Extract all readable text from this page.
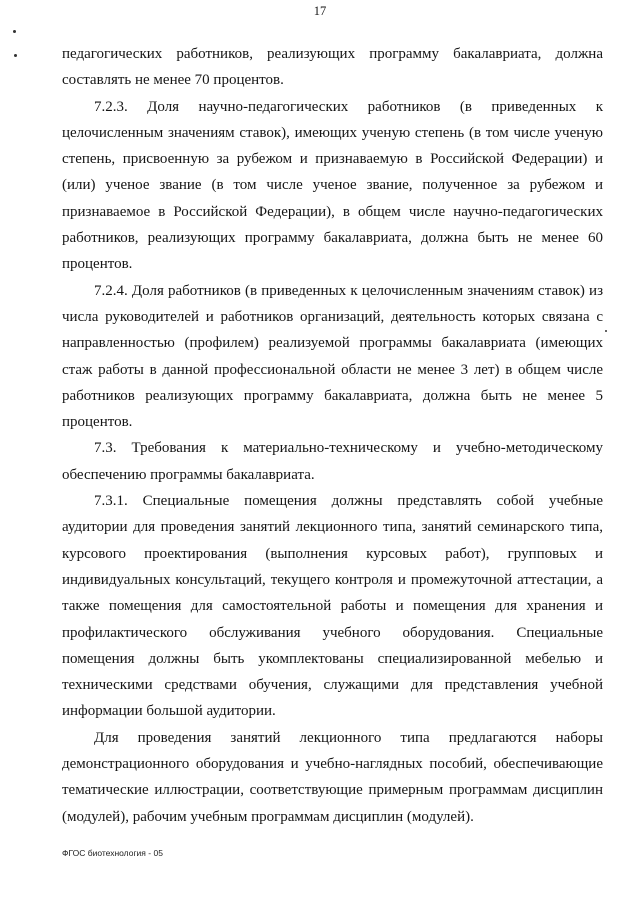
17

педагогических работников, реализующих программу бакалавриата, должна составлять не менее 70 процентов.

7.2.3. Доля научно-педагогических работников (в приведенных к целочисленным значениям ставок), имеющих ученую степень (в том числе ученую степень, присвоенную за рубежом и признаваемую в Российской Федерации) и (или) ученое звание (в том числе ученое звание, полученное за рубежом и признаваемое в Российской Федерации), в общем числе научно-педагогических работников, реализующих программу бакалавриата, должна быть не менее 60 процентов.

7.2.4. Доля работников (в приведенных к целочисленным значениям ставок) из числа руководителей и работников организаций, деятельность которых связана с направленностью (профилем) реализуемой программы бакалавриата (имеющих стаж работы в данной профессиональной области не менее 3 лет) в общем числе работников реализующих программу бакалавриата, должна быть не менее 5 процентов.

7.3. Требования к материально-техническому и учебно-методическому обеспечению программы бакалавриата.

7.3.1. Специальные помещения должны представлять собой учебные аудитории для проведения занятий лекционного типа, занятий семинарского типа, курсового проектирования (выполнения курсовых работ), групповых и индивидуальных консультаций, текущего контроля и промежуточной аттестации, а также помещения для самостоятельной работы и помещения для хранения и профилактического обслуживания учебного оборудования. Специальные помещения должны быть укомплектованы специализированной мебелью и техническими средствами обучения, служащими для представления учебной информации большой аудитории.

Для проведения занятий лекционного типа предлагаются наборы демонстрационного оборудования и учебно-наглядных пособий, обеспечивающие тематические иллюстрации, соответствующие примерным программам дисциплин (модулей), рабочим учебным программам дисциплин (модулей).

ФГОС биотехнология - 05
